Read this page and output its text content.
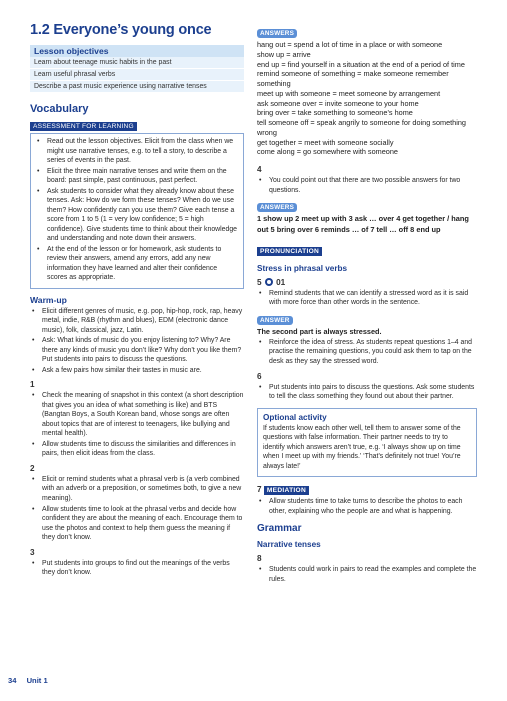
1.2 Everyone’s young once
Lesson objectives
Learn about teenage music habits in the past
Learn useful phrasal verbs
Describe a past music experience using narrative tenses
Vocabulary
ASSESSMENT FOR LEARNING
• Read out the lesson objectives. Elicit from the class when we might use narrative tenses, e.g. to tell a story, to describe a series of events in the past.
• Elicit the three main narrative tenses and write them on the board: past simple, past continuous, past perfect.
• Ask students to consider what they already know about these tenses. Ask: How do we form these tenses? When do we use them? How confidently can you use them? Give each tense a score from 1 to 5 (1 = very low confidence; 5 = high confidence). Give students time to think about their knowledge and understanding and note down their answers.
• At the end of the lesson or for homework, ask students to review their answers, amend any errors, add any new information they have learned and alter their confidence scores as appropriate.
Warm-up
• Elicit different genres of music, e.g. pop, hip-hop, rock, rap, heavy metal, indie, R&B (rhythm and blues), EDM (electronic dance music), folk, classical, jazz, Latin.
• Ask: What kinds of music do you enjoy listening to? Why? Are there any kinds of music you don’t like? Why don’t you like them? Put students into pairs to discuss the questions.
• Ask a few pairs how similar their tastes in music are.
1
• Check the meaning of snapshot in this context (a short description that gives you an idea of what something is like) and BTS (Bangtan Boys, a South Korean band, whose songs are often about topics that are of interest to teenagers, like bullying and mental health).
• Allow students time to discuss the similarities and differences in pairs, then elicit ideas from the class.
2
• Elicit or remind students what a phrasal verb is (a verb combined with an adverb or a preposition, or sometimes both, to give a new meaning).
• Allow students time to look at the phrasal verbs and decide how confident they are about the meaning of each. Encourage them to use the photos and context to help them guess the meaning if they don’t know.
3
• Put students into groups to find out the meanings of the verbs they don’t know.
ANSWERS

hang out = spend a lot of time in a place or with someone

show up = arrive

end up = find yourself in a situation at the end of a period of time

remind someone of something = make someone remember something

meet up with someone = meet someone by arrangement

ask someone over = invite someone to your home

bring over = take something to someone’s home

tell someone off = speak angrily to someone for doing something wrong

get together = meet with someone socially

come along = go somewhere with someone

4
• You could point out that there are two possible answers for two questions.
ANSWERS
1 show up 2 meet up with 3 ask … over 4 get together / hang out 5 bring over 6 reminds … of 7 tell … off 8 end up
PRONUNCIATION
Stress in phrasal verbs
5 01
• Remind students that we can identify a stressed word as it is said with more force than other words in the sentence.
ANSWER
The second part is always stressed.
• Reinforce the idea of stress. As students repeat questions 1–4 and practise the remaining questions, you could ask them to tap on the desk as they say the stressed word.
6
• Put students into pairs to discuss the questions. Ask some students to tell the class something they found out about their partner.
Optional activity
If students know each other well, tell them to answer some of the questions with false information. Their partner needs to try to identify which answers aren’t true, e.g. ‘I always show up on time when I meet up with my friends.’ ‘That’s definitely not true! You’re always late!’
7 MEDIATION
• Allow students time to take turns to describe the photos to each other, explaining who the people are and what is happening.
Grammar
Narrative tenses
8
• Students could work in pairs to read the examples and complete the rules.
34 Unit 1
